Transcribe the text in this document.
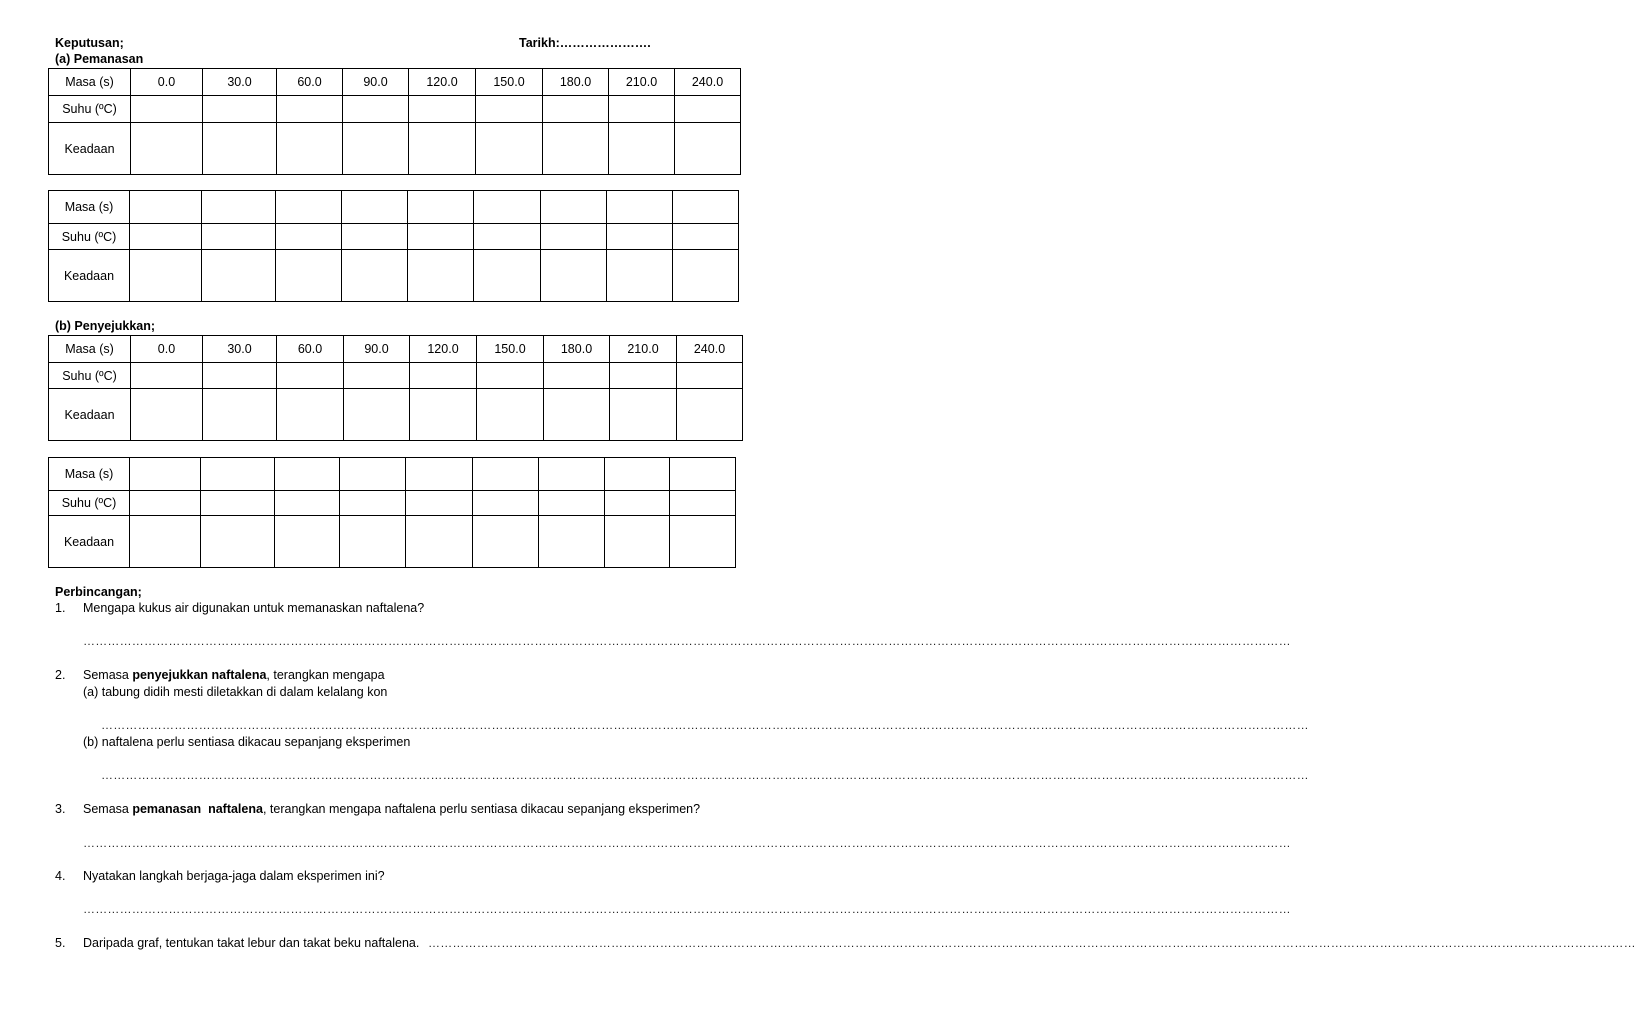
Keputusan;	Tarikh:………………….
(a) Pemanasan
Masa (s)	0.0	30.0	60.0	90.0	120.0	150.0	180.0	210.0	240.0
Suhu (ºC)									
Keadaan									
Masa (s)									
Suhu (ºC)									
Keadaan									
(b) Penyejukkan;
Masa (s)	0.0	30.0	60.0	90.0	120.0	150.0	180.0	210.0	240.0
Suhu (ºC)									
Keadaan									
Masa (s)									
Suhu (ºC)									
Keadaan									
Perbincangan;
1. Mengapa kukus air digunakan untuk memanaskan naftalena?
………………………………………………………………………………………………………………………………………………………………………………………………………………………………………………………………………
2. Semasa penyejukkan naftalena, terangkan mengapa
(a) tabung didih mesti diletakkan di dalam kelalang kon
………………………………………………………………………………………………………………………………………………………………………………………………………………………………………………………………………
(b) naftalena perlu sentiasa dikacau sepanjang eksperimen
………………………………………………………………………………………………………………………………………………………………………………………………………………………………………………………………………
3. Semasa pemanasan  naftalena, terangkan mengapa naftalena perlu sentiasa dikacau sepanjang eksperimen?
………………………………………………………………………………………………………………………………………………………………………………………………………………………………………………………………………
4. Nyatakan langkah berjaga-jaga dalam eksperimen ini?
………………………………………………………………………………………………………………………………………………………………………………………………………………………………………………………………………
5. Daripada graf, tentukan takat lebur dan takat beku naftalena. ………………………………………………………………………………………………………………………………………………………………………………………………………………………………………………………………………
